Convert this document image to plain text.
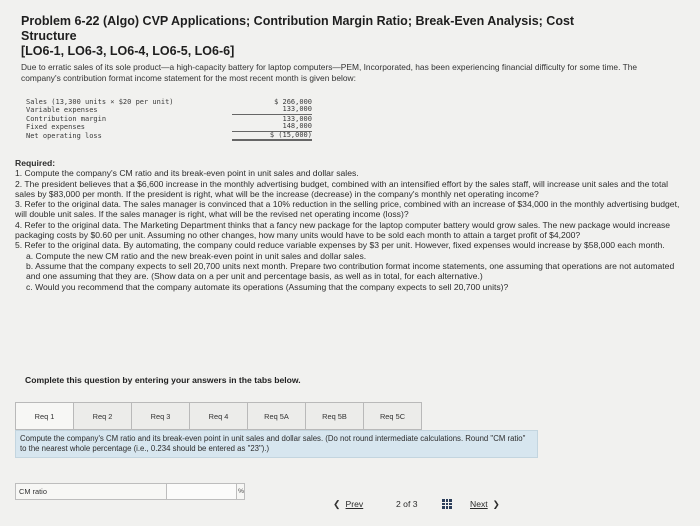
Problem 6-22 (Algo) CVP Applications; Contribution Margin Ratio; Break-Even Analysis; Cost Structure
[LO6-1, LO6-3, LO6-4, LO6-5, LO6-6]
Due to erratic sales of its sole product—a high-capacity battery for laptop computers—PEM, Incorporated, has been experiencing financial difficulty for some time. The company's contribution format income statement for the most recent month is given below:
Sales (13,300 units × $20 per unit)	$ 266,000
Variable expenses	133,000
Contribution margin	133,000
Fixed expenses	148,000
Net operating loss	$ (15,000)
Required:
1. Compute the company's CM ratio and its break-even point in unit sales and dollar sales.
2. The president believes that a $6,600 increase in the monthly advertising budget, combined with an intensified effort by the sales staff, will increase unit sales and the total sales by $83,000 per month. If the president is right, what will be the increase (decrease) in the company's monthly net operating income?
3. Refer to the original data. The sales manager is convinced that a 10% reduction in the selling price, combined with an increase of $34,000 in the monthly advertising budget, will double unit sales. If the sales manager is right, what will be the revised net operating income (loss)?
4. Refer to the original data. The Marketing Department thinks that a fancy new package for the laptop computer battery would grow sales. The new package would increase packaging costs by $0.60 per unit. Assuming no other changes, how many units would have to be sold each month to attain a target profit of $4,200?
5. Refer to the original data. By automating, the company could reduce variable expenses by $3 per unit. However, fixed expenses would increase by $58,000 each month.
a. Compute the new CM ratio and the new break-even point in unit sales and dollar sales.
b. Assume that the company expects to sell 20,700 units next month. Prepare two contribution format income statements, one assuming that operations are not automated and one assuming that they are. (Show data on a per unit and percentage basis, as well as in total, for each alternative.)
c. Would you recommend that the company automate its operations (Assuming that the company expects to sell 20,700 units)?
Complete this question by entering your answers in the tabs below.
Req 1	Req 2	Req 3	Req 4	Req 5A	Req 5B	Req 5C
Compute the company's CM ratio and its break-even point in unit sales and dollar sales. (Do not round intermediate calculations. Round "CM ratio" to the nearest whole percentage (i.e., 0.234 should be entered as "23").)
CM ratio	%
❮ Prev	2 of 3	Next ❯
